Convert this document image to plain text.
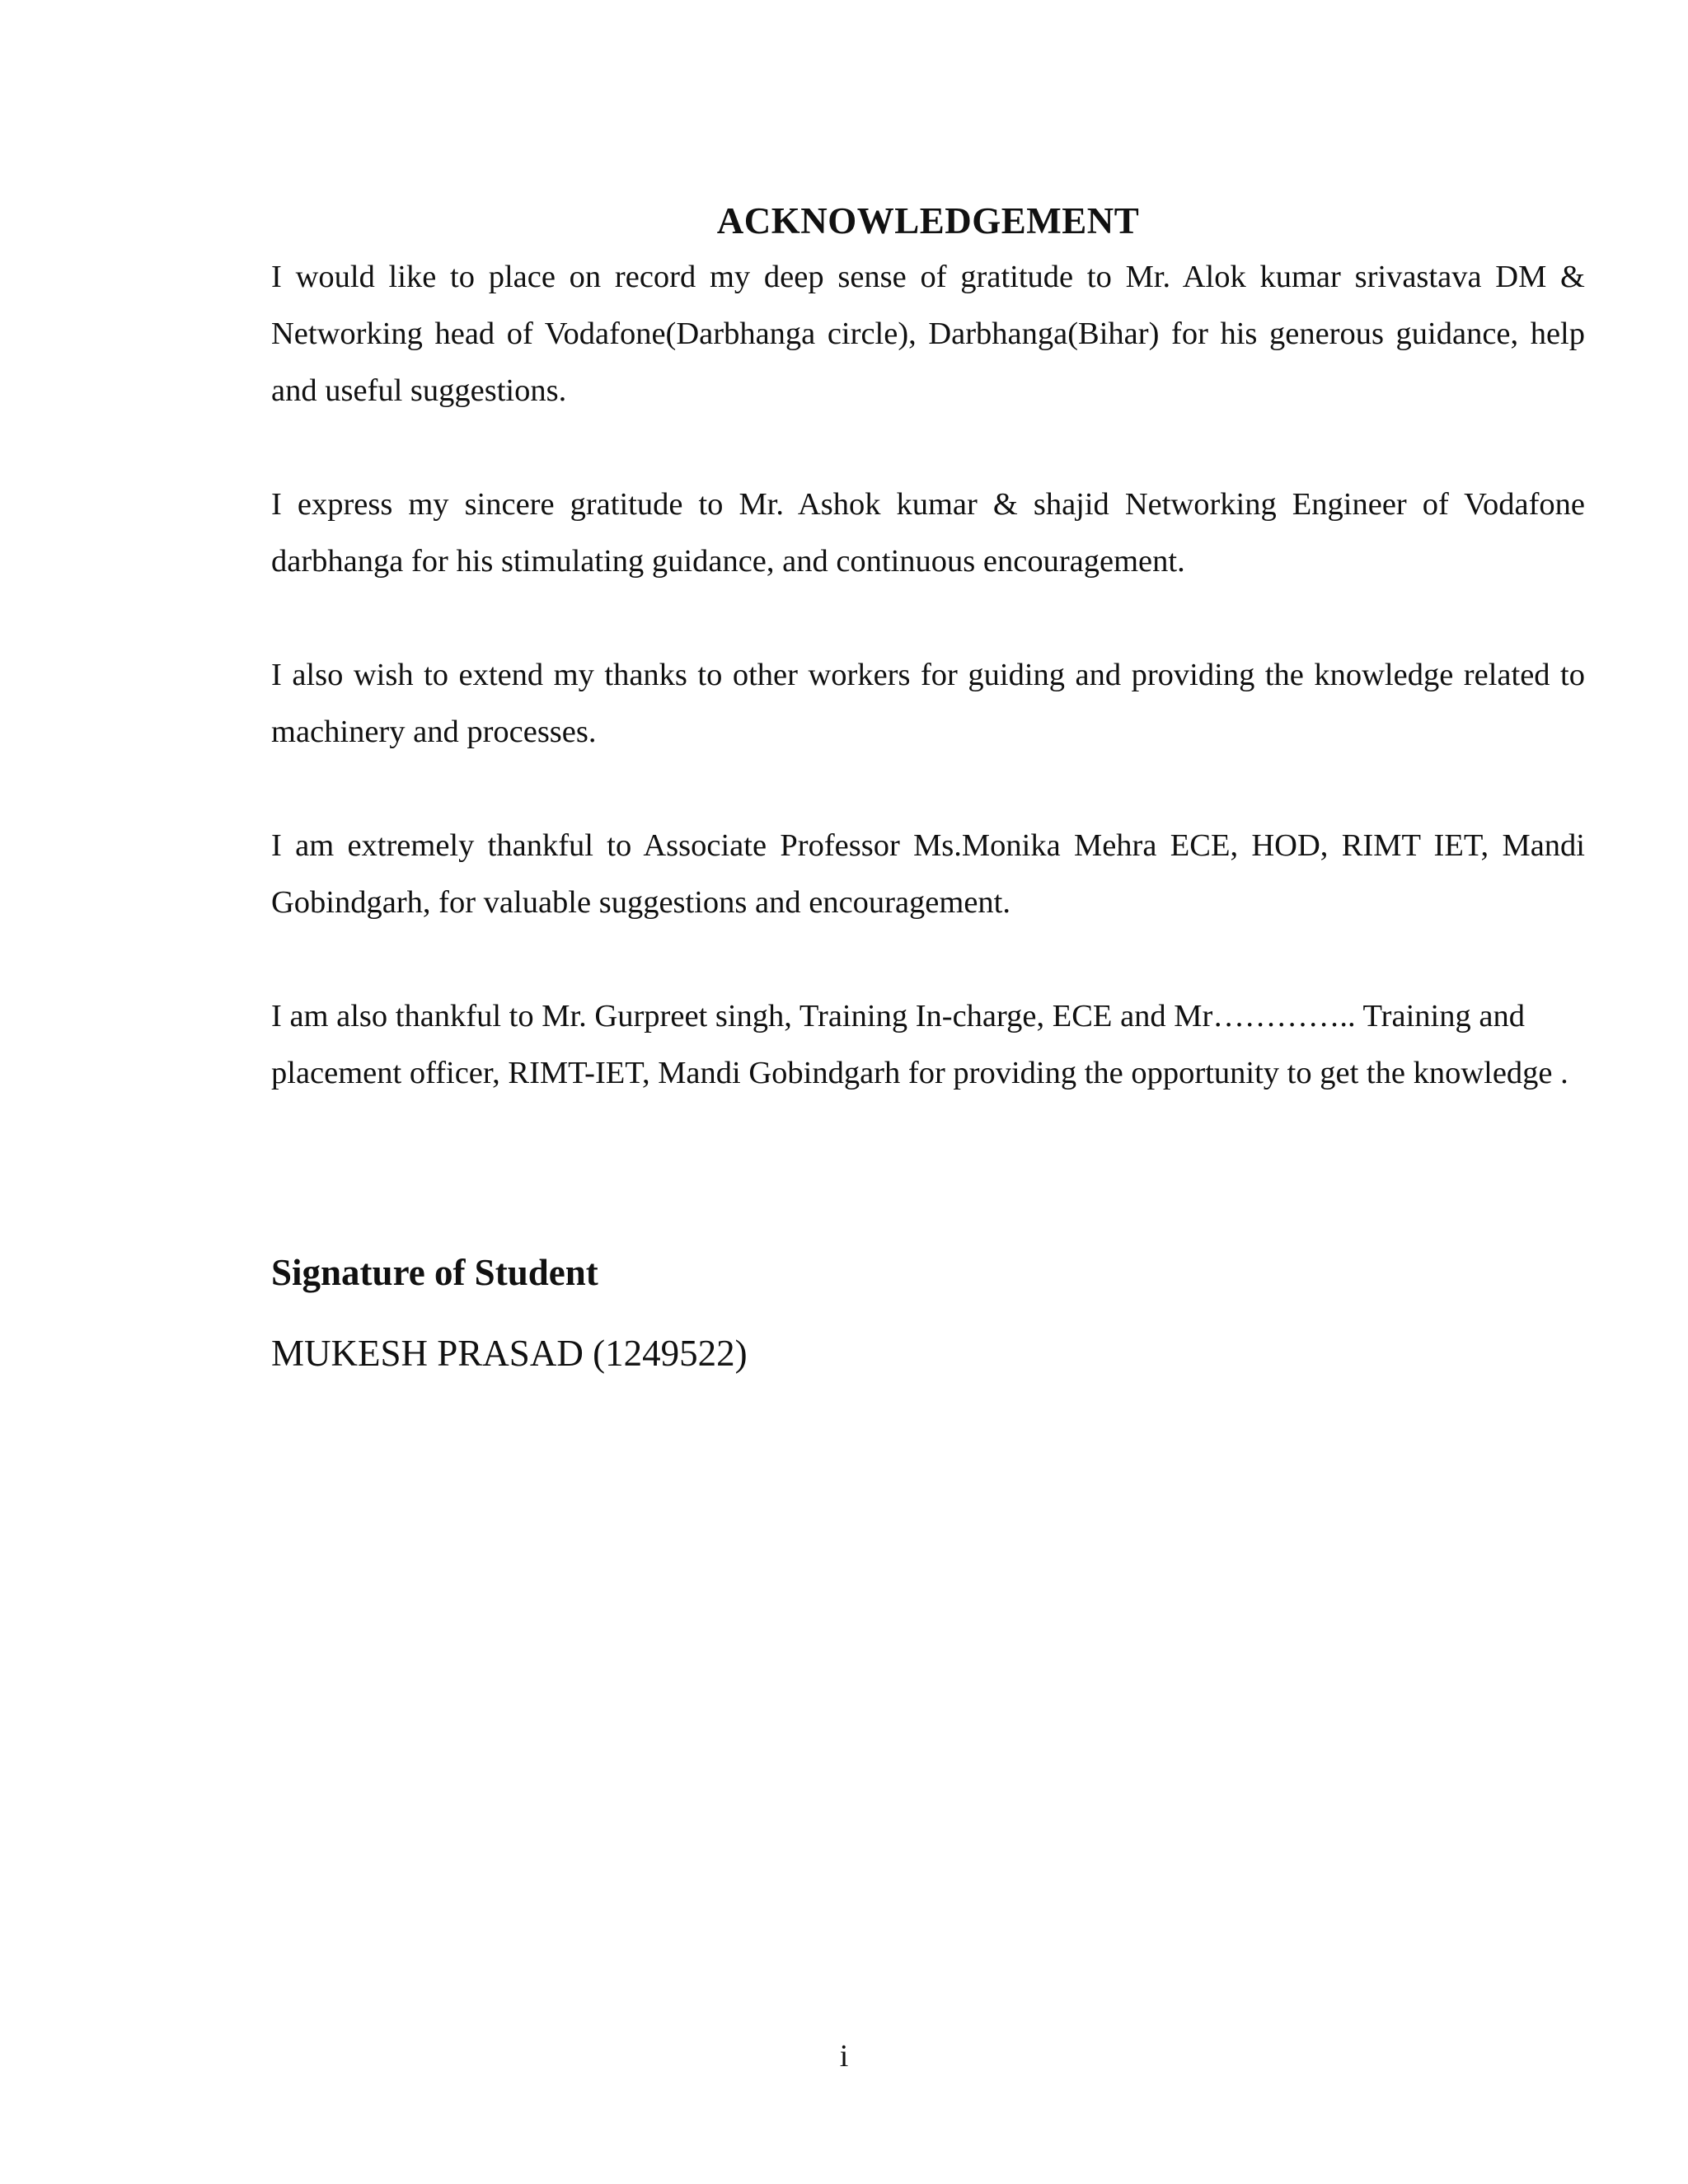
ACKNOWLEDGEMENT

I would like to place on record my deep sense of gratitude to Mr. Alok kumar srivastava DM & Networking head of Vodafone(Darbhanga circle), Darbhanga(Bihar) for his generous guidance, help and useful suggestions.

I express my sincere gratitude to Mr. Ashok kumar & shajid Networking Engineer of Vodafone darbhanga for his stimulating guidance, and continuous encouragement.

I also wish to extend my thanks to other workers for guiding and providing the knowledge related to machinery and processes.

I am extremely thankful to Associate Professor Ms.Monika Mehra ECE, HOD, RIMT IET, Mandi Gobindgarh, for valuable suggestions and encouragement.

I am also thankful to Mr. Gurpreet singh, Training In-charge, ECE and Mr………….. Training and placement officer, RIMT-IET, Mandi Gobindgarh for providing the opportunity to get the knowledge .

Signature of Student

MUKESH PRASAD (1249522)

i
